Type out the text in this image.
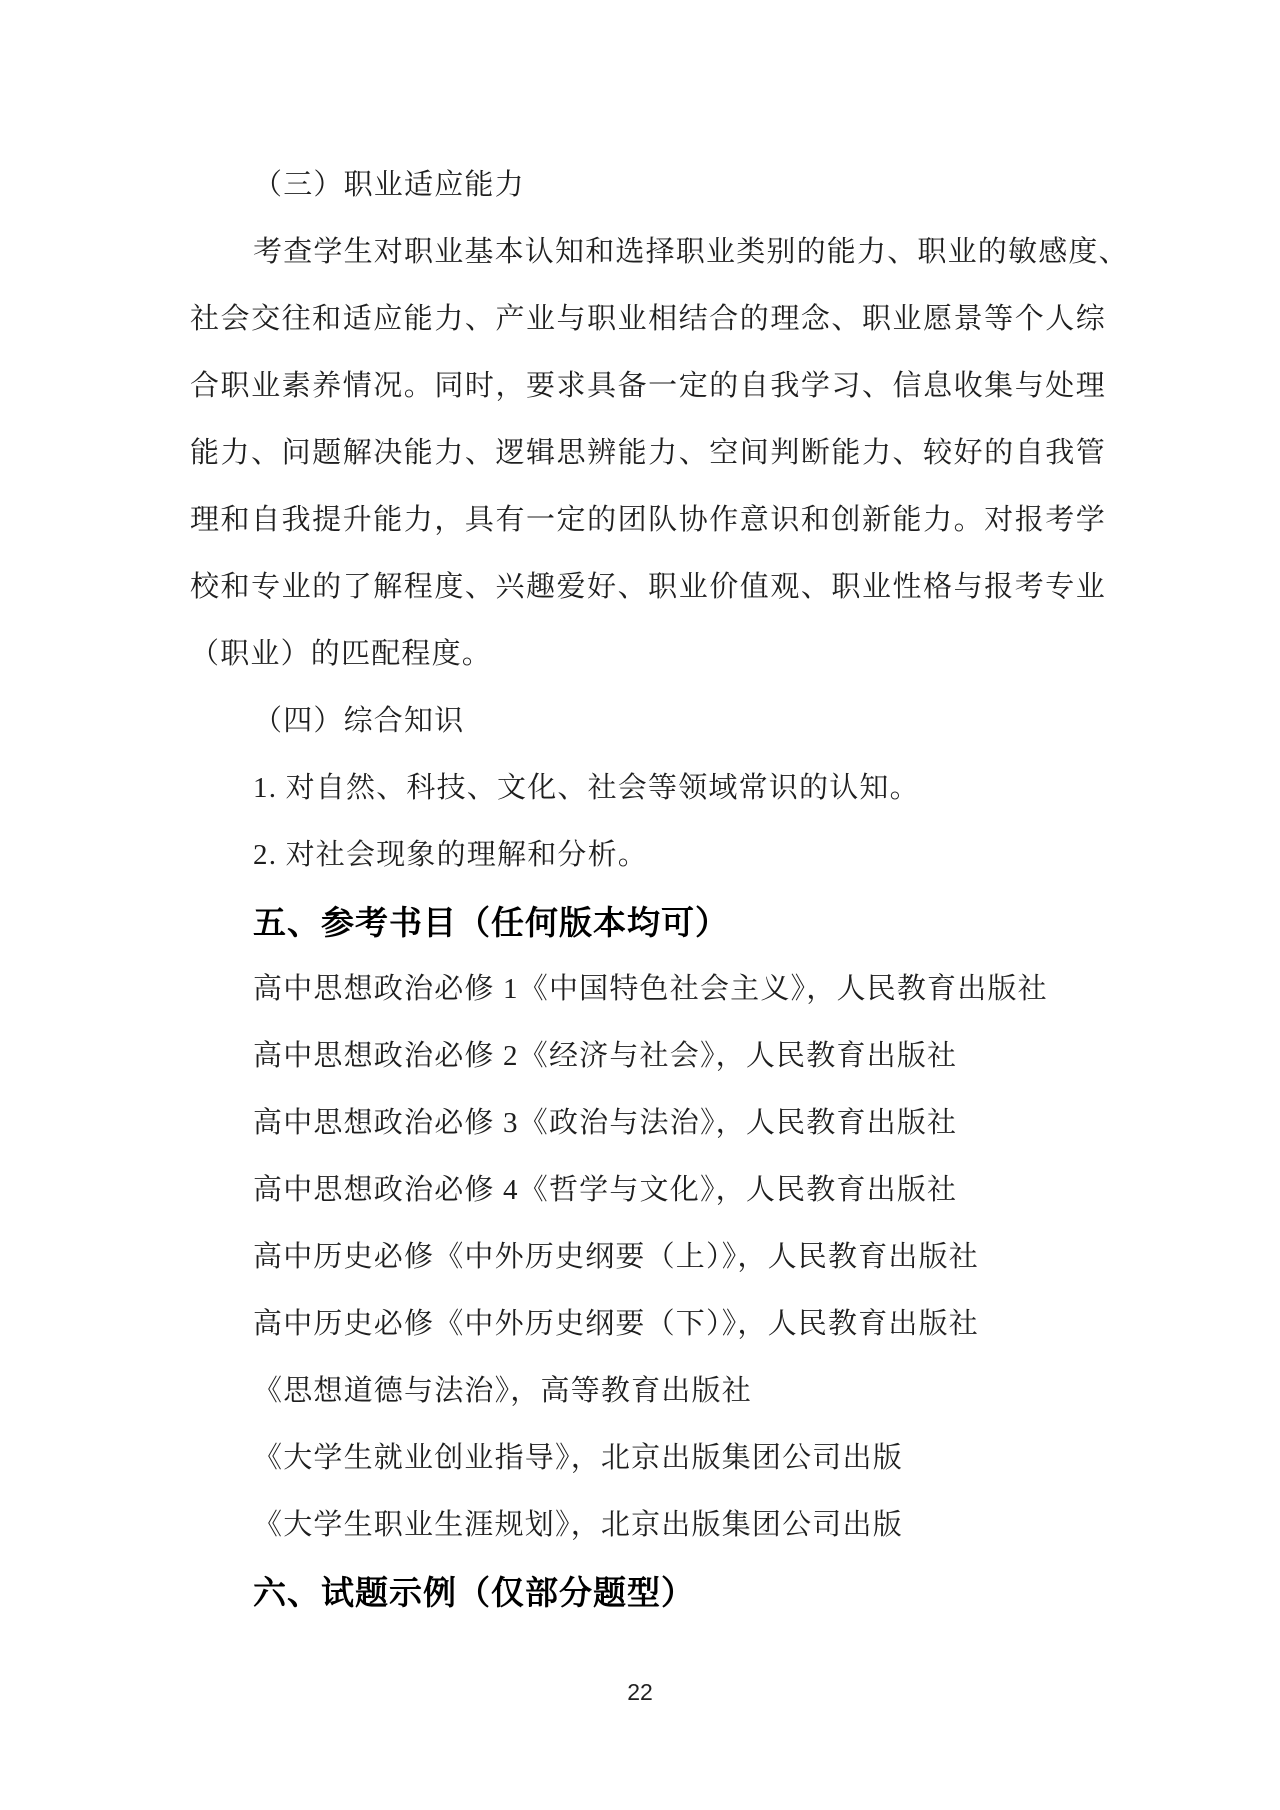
（三）职业适应能力
考查学生对职业基本认知和选择职业类别的能力、职业的敏感度、
社会交往和适应能力、产业与职业相结合的理念、职业愿景等个人综
合职业素养情况。同时，要求具备一定的自我学习、信息收集与处理
能力、问题解决能力、逻辑思辨能力、空间判断能力、较好的自我管
理和自我提升能力，具有一定的团队协作意识和创新能力。对报考学
校和专业的了解程度、兴趣爱好、职业价值观、职业性格与报考专业
（职业）的匹配程度。
（四）综合知识
1. 对自然、科技、文化、社会等领域常识的认知。
2. 对社会现象的理解和分析。
五、参考书目（任何版本均可）
高中思想政治必修 1《中国特色社会主义》，人民教育出版社
高中思想政治必修 2《经济与社会》，人民教育出版社
高中思想政治必修 3《政治与法治》，人民教育出版社
高中思想政治必修 4《哲学与文化》，人民教育出版社
高中历史必修《中外历史纲要（上）》，人民教育出版社
高中历史必修《中外历史纲要（下）》，人民教育出版社
《思想道德与法治》，高等教育出版社
《大学生就业创业指导》，北京出版集团公司出版
《大学生职业生涯规划》，北京出版集团公司出版
六、试题示例（仅部分题型）
22
